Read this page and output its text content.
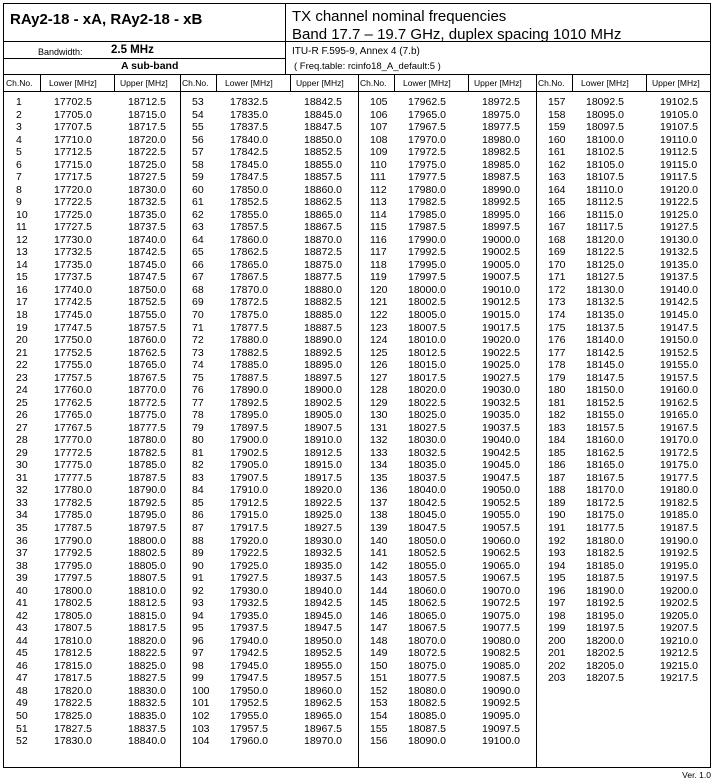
RAy2-18 - xA, RAy2-18 - xB	TX channel nominal frequencies
Band 17.7 – 19.7 GHz, duplex spacing 1010 MHz
Bandwidth: 2.5 MHz	ITU-R F.595-9, Annex 4 (7.b)
A sub-band	( Freq.table: rcinfo18_A_default:5 )
Ch.No. Lower [MHz]	Upper [MHz]
1	17702.5	18712.5
2	17705.0	18715.0
3	17707.5	18717.5
4	17710.0	18720.0
5	17712.5	18722.5
6	17715.0	18725.0
7	17717.5	18727.5
8	17720.0	18730.0
9	17722.5	18732.5
10	17725.0	18735.0
11	17727.5	18737.5
12	17730.0	18740.0
13	17732.5	18742.5
14	17735.0	18745.0
15	17737.5	18747.5
16	17740.0	18750.0
17	17742.5	18752.5
18	17745.0	18755.0
19	17747.5	18757.5
20	17750.0	18760.0
21	17752.5	18762.5
22	17755.0	18765.0
23	17757.5	18767.5
24	17760.0	18770.0
25	17762.5	18772.5
26	17765.0	18775.0
27	17767.5	18777.5
28	17770.0	18780.0
29	17772.5	18782.5
30	17775.0	18785.0
31	17777.5	18787.5
32	17780.0	18790.0
33	17782.5	18792.5
34	17785.0	18795.0
35	17787.5	18797.5
36	17790.0	18800.0
37	17792.5	18802.5
38	17795.0	18805.0
39	17797.5	18807.5
40	17800.0	18810.0
41	17802.5	18812.5
42	17805.0	18815.0
43	17807.5	18817.5
44	17810.0	18820.0
45	17812.5	18822.5
46	17815.0	18825.0
47	17817.5	18827.5
48	17820.0	18830.0
49	17822.5	18832.5
50	17825.0	18835.0
51	17827.5	18837.5
52	17830.0	18840.0
Ch.No. Lower [MHz]	Upper [MHz]
53	17832.5	18842.5
54	17835.0	18845.0
55	17837.5	18847.5
56	17840.0	18850.0
57	17842.5	18852.5
58	17845.0	18855.0
59	17847.5	18857.5
60	17850.0	18860.0
61	17852.5	18862.5
62	17855.0	18865.0
63	17857.5	18867.5
64	17860.0	18870.0
65	17862.5	18872.5
66	17865.0	18875.0
67	17867.5	18877.5
68	17870.0	18880.0
69	17872.5	18882.5
70	17875.0	18885.0
71	17877.5	18887.5
72	17880.0	18890.0
73	17882.5	18892.5
74	17885.0	18895.0
75	17887.5	18897.5
76	17890.0	18900.0
77	17892.5	18902.5
78	17895.0	18905.0
79	17897.5	18907.5
80	17900.0	18910.0
81	17902.5	18912.5
82	17905.0	18915.0
83	17907.5	18917.5
84	17910.0	18920.0
85	17912.5	18922.5
86	17915.0	18925.0
87	17917.5	18927.5
88	17920.0	18930.0
89	17922.5	18932.5
90	17925.0	18935.0
91	17927.5	18937.5
92	17930.0	18940.0
93	17932.5	18942.5
94	17935.0	18945.0
95	17937.5	18947.5
96	17940.0	18950.0
97	17942.5	18952.5
98	17945.0	18955.0
99	17947.5	18957.5
100 17950.0	18960.0
101 17952.5	18962.5
102 17955.0	18965.0
103 17957.5	18967.5
104 17960.0	18970.0
Ch.No. Lower [MHz]	Upper [MHz]
105 17962.5	18972.5
106 17965.0	18975.0
107 17967.5	18977.5
108 17970.0	18980.0
109 17972.5	18982.5
110 17975.0	18985.0
111 17977.5	18987.5
112 17980.0	18990.0
113 17982.5	18992.5
114 17985.0	18995.0
115 17987.5	18997.5
116 17990.0	19000.0
117 17992.5	19002.5
118 17995.0	19005.0
119 17997.5	19007.5
120 18000.0	19010.0
121 18002.5	19012.5
122 18005.0	19015.0
123 18007.5	19017.5
124 18010.0	19020.0
125 18012.5	19022.5
126 18015.0	19025.0
127 18017.5	19027.5
128 18020.0	19030.0
129 18022.5	19032.5
130 18025.0	19035.0
131 18027.5	19037.5
132 18030.0	19040.0
133 18032.5	19042.5
134 18035.0	19045.0
135 18037.5	19047.5
136 18040.0	19050.0
137 18042.5	19052.5
138 18045.0	19055.0
139 18047.5	19057.5
140 18050.0	19060.0
141 18052.5	19062.5
142 18055.0	19065.0
143 18057.5	19067.5
144 18060.0	19070.0
145 18062.5	19072.5
146 18065.0	19075.0
147 18067.5	19077.5
148 18070.0	19080.0
149 18072.5	19082.5
150 18075.0	19085.0
151 18077.5	19087.5
152 18080.0	19090.0
153 18082.5	19092.5
154 18085.0	19095.0
155 18087.5	19097.5
156 18090.0	19100.0
Ch.No. Lower [MHz]	Upper [MHz]
157 18092.5	19102.5
158 18095.0	19105.0
159 18097.5	19107.5
160 18100.0	19110.0
161 18102.5	19112.5
162 18105.0	19115.0
163 18107.5	19117.5
164 18110.0	19120.0
165 18112.5	19122.5
166 18115.0	19125.0
167 18117.5	19127.5
168 18120.0	19130.0
169 18122.5	19132.5
170 18125.0	19135.0
171 18127.5	19137.5
172 18130.0	19140.0
173 18132.5	19142.5
174 18135.0	19145.0
175 18137.5	19147.5
176 18140.0	19150.0
177 18142.5	19152.5
178 18145.0	19155.0
179 18147.5	19157.5
180 18150.0	19160.0
181 18152.5	19162.5
182 18155.0	19165.0
183 18157.5	19167.5
184 18160.0	19170.0
185 18162.5	19172.5
186 18165.0	19175.0
187 18167.5	19177.5
188 18170.0	19180.0
189 18172.5	19182.5
190 18175.0	19185.0
191 18177.5	19187.5
192 18180.0	19190.0
193 18182.5	19192.5
194 18185.0	19195.0
195 18187.5	19197.5
196 18190.0	19200.0
197 18192.5	19202.5
198 18195.0	19205.0
199 18197.5	19207.5
200 18200.0	19210.0
201 18202.5	19212.5
202 18205.0	19215.0
203 18207.5	19217.5
Ver. 1.0
